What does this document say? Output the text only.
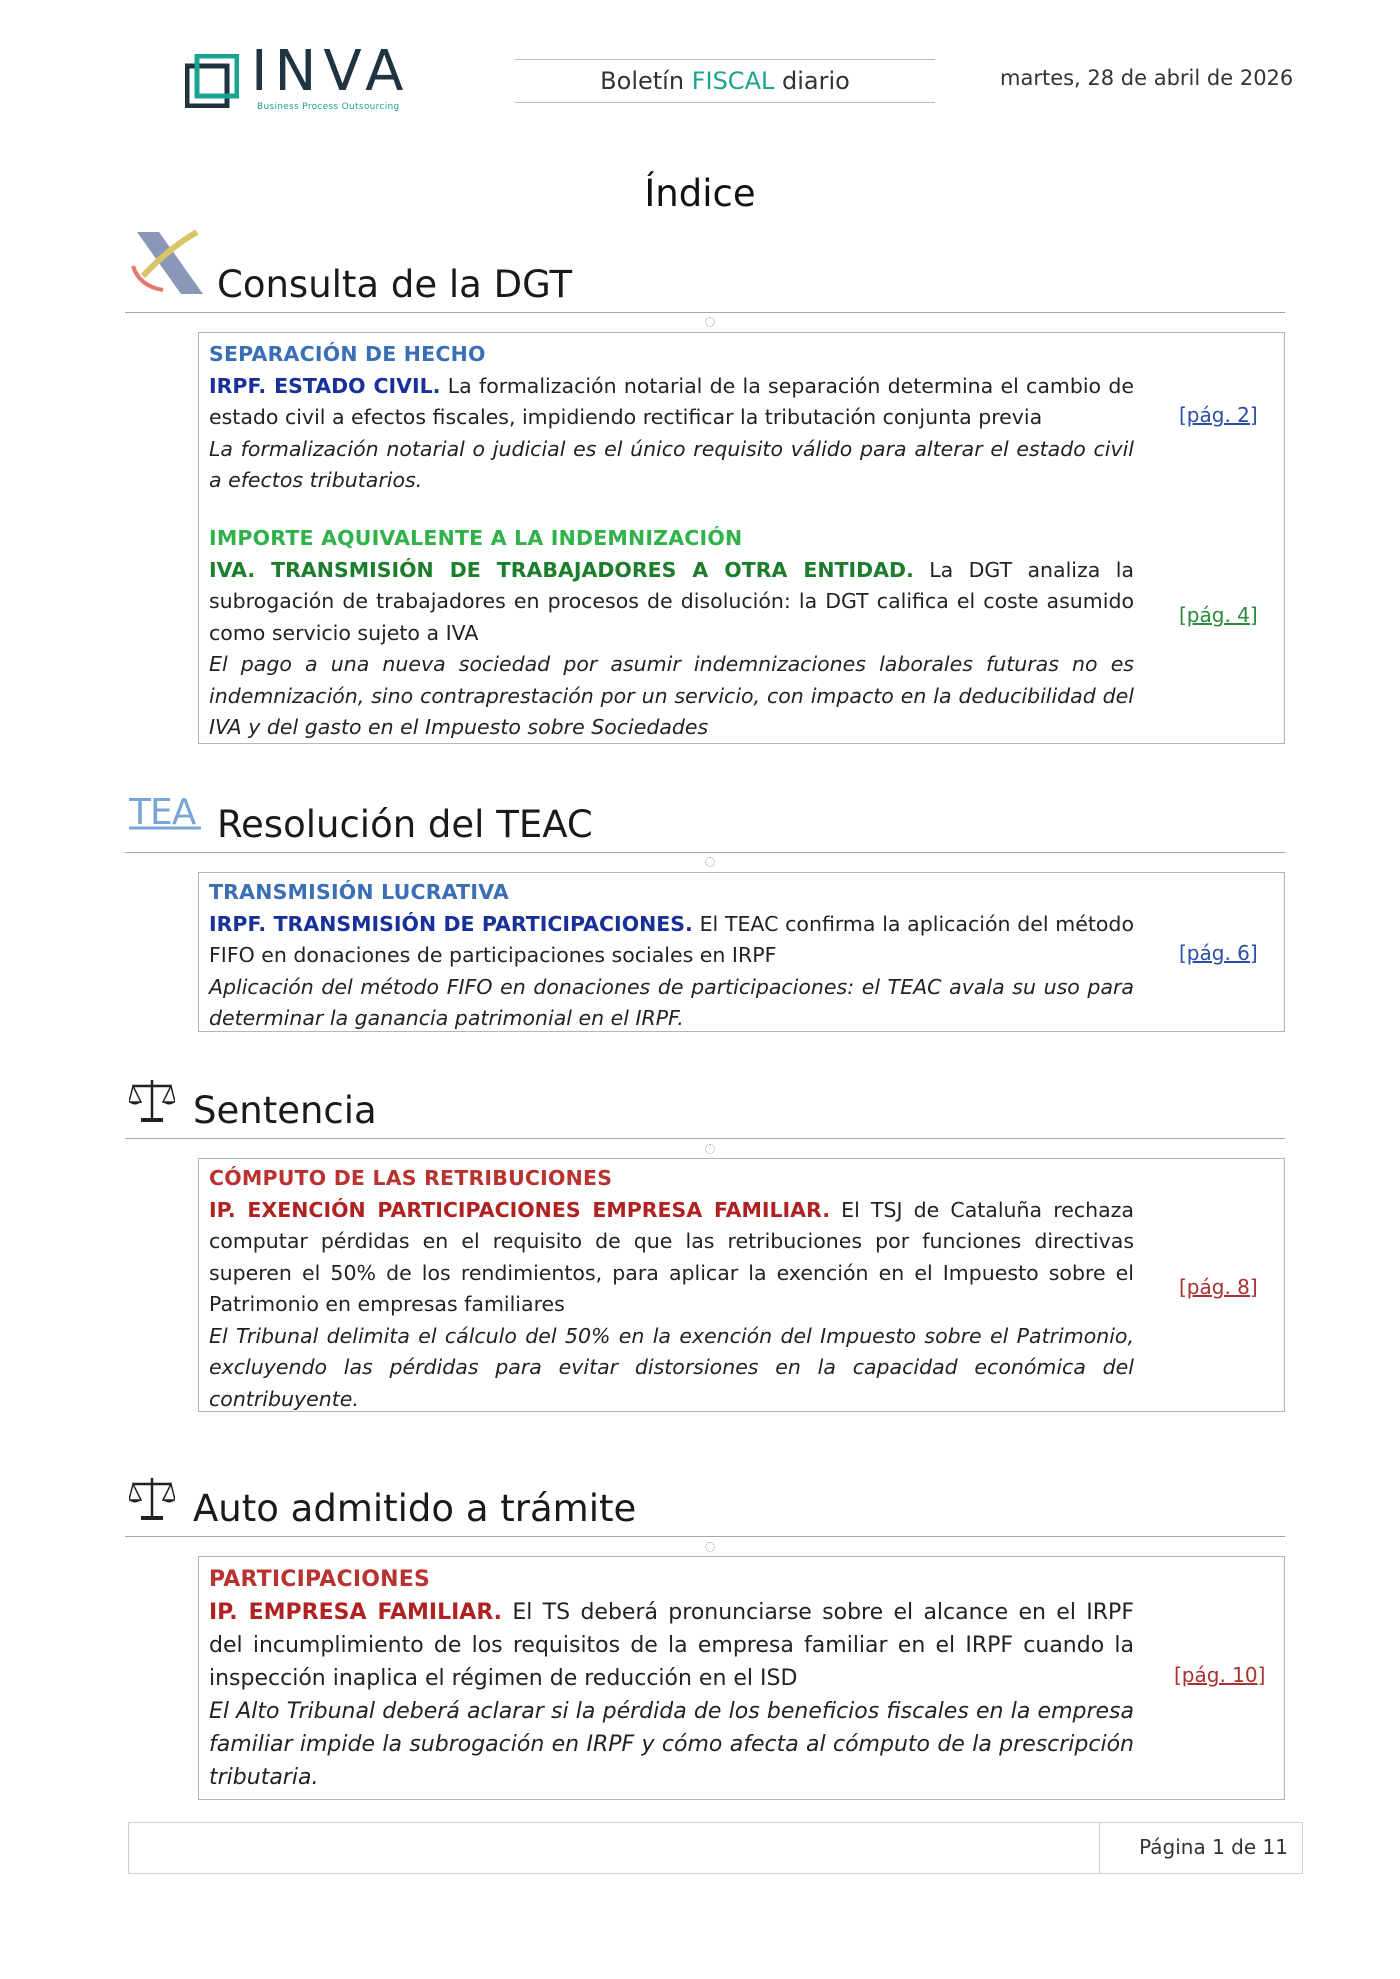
INVA
Business Process Outsourcing
Boletín FISCAL diario	martes, 28 de abril de 2026
Índice
Consulta de la DGT
SEPARACIÓN DE HECHO
IRPF. ESTADO CIVIL. La formalización notarial de la separación determina el cambio de estado civil a efectos fiscales, impidiendo rectificar la tributación conjunta previa
La formalización notarial o judicial es el único requisito válido para alterar el estado civil a efectos tributarios.
[pág. 2]
IMPORTE AQUIVALENTE A LA INDEMNIZACIÓN
IVA. TRANSMISIÓN DE TRABAJADORES A OTRA ENTIDAD. La DGT analiza la subrogación de trabajadores en procesos de disolución: la DGT califica el coste asumido como servicio sujeto a IVA
El pago a una nueva sociedad por asumir indemnizaciones laborales futuras no es indemnización, sino contraprestación por un servicio, con impacto en la deducibilidad del IVA y del gasto en el Impuesto sobre Sociedades
[pág. 4]
TEA Resolución del TEAC
TRANSMISIÓN LUCRATIVA
IRPF. TRANSMISIÓN DE PARTICIPACIONES. El TEAC confirma la aplicación del método FIFO en donaciones de participaciones sociales en IRPF
Aplicación del método FIFO en donaciones de participaciones: el TEAC avala su uso para determinar la ganancia patrimonial en el IRPF.
[pág. 6]
Sentencia
CÓMPUTO DE LAS RETRIBUCIONES
IP. EXENCIÓN PARTICIPACIONES EMPRESA FAMILIAR. El TSJ de Cataluña rechaza computar pérdidas en el requisito de que las retribuciones por funciones directivas superen el 50% de los rendimientos, para aplicar la exención en el Impuesto sobre el Patrimonio en empresas familiares
El Tribunal delimita el cálculo del 50% en la exención del Impuesto sobre el Patrimonio, excluyendo las pérdidas para evitar distorsiones en la capacidad económica del contribuyente.
[pág. 8]
Auto admitido a trámite
PARTICIPACIONES
IP. EMPRESA FAMILIAR. El TS deberá pronunciarse sobre el alcance en el IRPF del incumplimiento de los requisitos de la empresa familiar en el IRPF cuando la inspección inaplica el régimen de reducción en el ISD
El Alto Tribunal deberá aclarar si la pérdida de los beneficios fiscales en la empresa familiar impide la subrogación en IRPF y cómo afecta al cómputo de la prescripción tributaria.
[pág. 10]
Página 1 de 11
